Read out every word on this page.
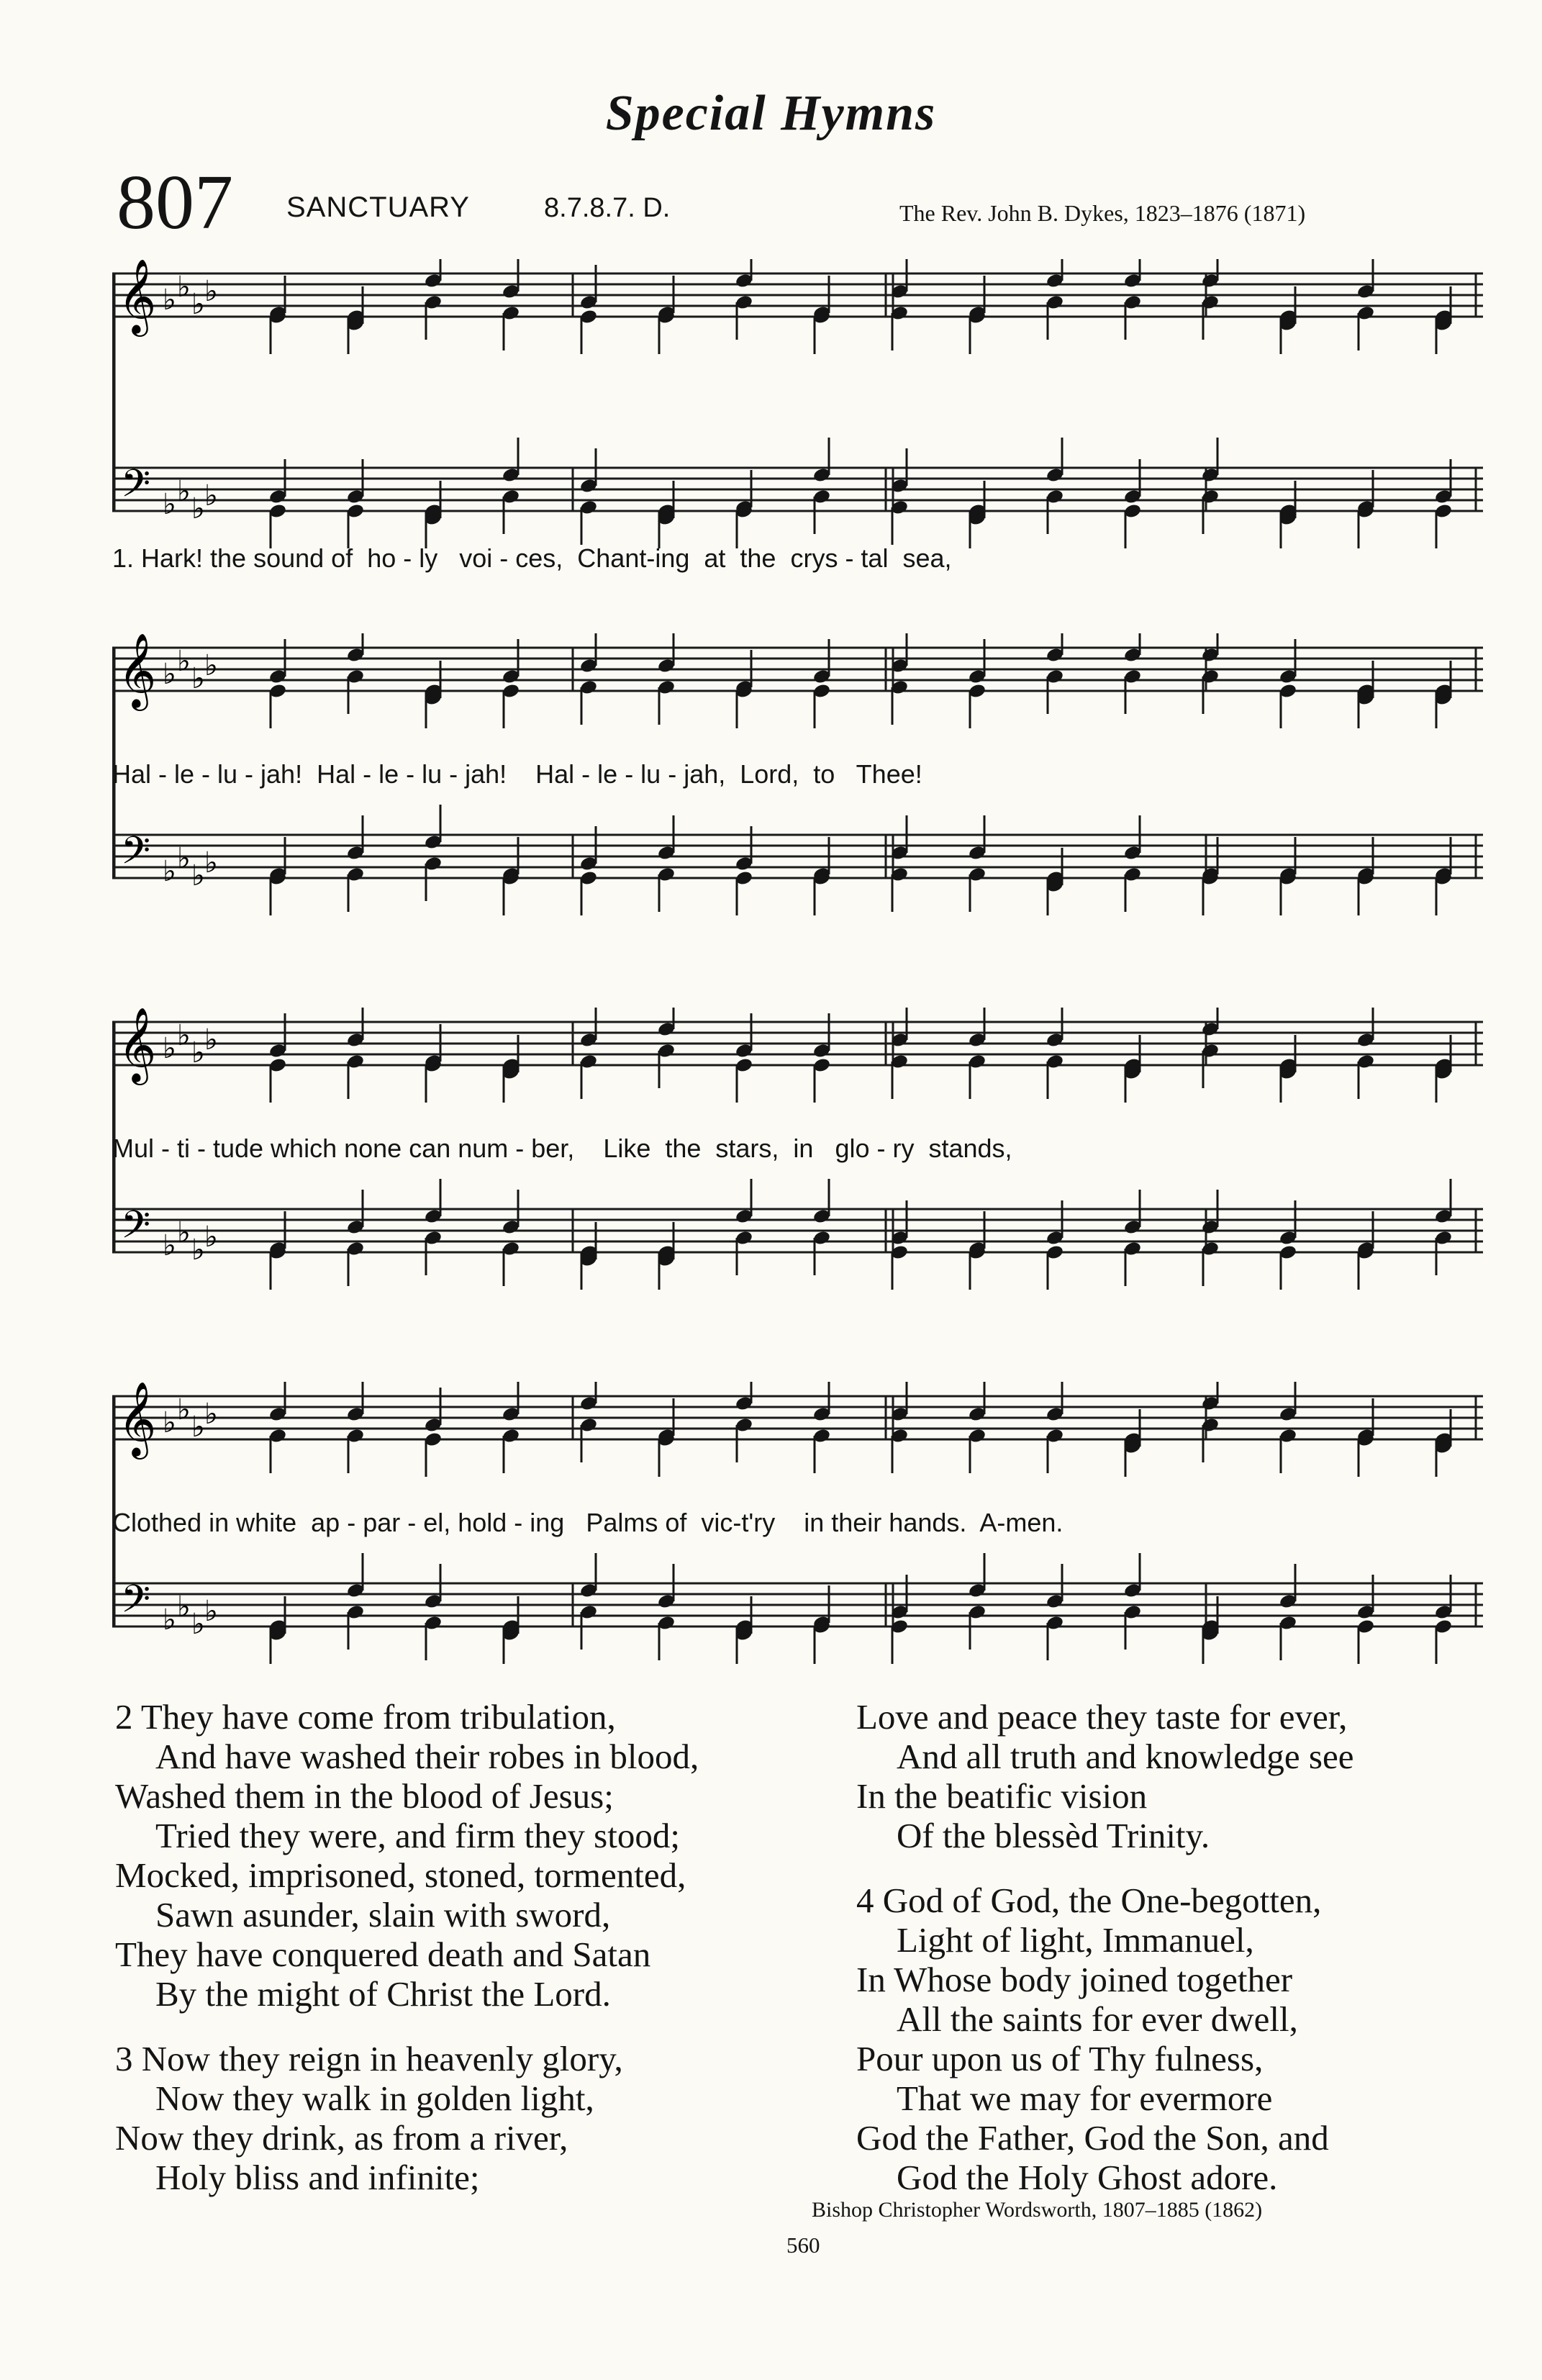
Special Hymns
807 SANCTUARY	8.7.8.7. D.	The Rev. John B. Dykes, 1823–1876 (1871)
𝄞
𝄢
♭
♭
♭
♭
♭
♭
♭
♭
1. Hark! the sound of  ho - ly   voi - ces,  Chant-ing  at  the  crys - tal  sea,
𝄞
𝄢
♭
♭
♭
♭
♭
♭
♭
♭
Hal - le - lu - jah!  Hal - le - lu - jah!    Hal - le - lu - jah,  Lord,  to   Thee!
𝄞
𝄢
♭
♭
♭
♭
♭
♭
♭
♭
Mul - ti - tude which none can num - ber,    Like  the  stars,  in   glo - ry  stands,
𝄞
𝄢
♭
♭
♭
♭
♭
♭
♭
♭
Clothed in white  ap - par - el, hold - ing   Palms of  vic-t'ry    in their hands.  A-men.
2 They have come from tribulation,
And have washed their robes in blood,
Washed them in the blood of Jesus;
Tried they were, and firm they stood;
Mocked, imprisoned, stoned, tormented,
Sawn asunder, slain with sword,
They have conquered death and Satan
By the might of Christ the Lord.
3 Now they reign in heavenly glory,
Now they walk in golden light,
Now they drink, as from a river,
Holy bliss and infinite;
Love and peace they taste for ever,
And all truth and knowledge see
In the beatific vision
Of the blessèd Trinity.
4 God of God, the One-begotten,
Light of light, Immanuel,
In Whose body joined together
All the saints for ever dwell,
Pour upon us of Thy fulness,
That we may for evermore
God the Father, God the Son, and
God the Holy Ghost adore.
Bishop Christopher Wordsworth, 1807–1885 (1862)
560
